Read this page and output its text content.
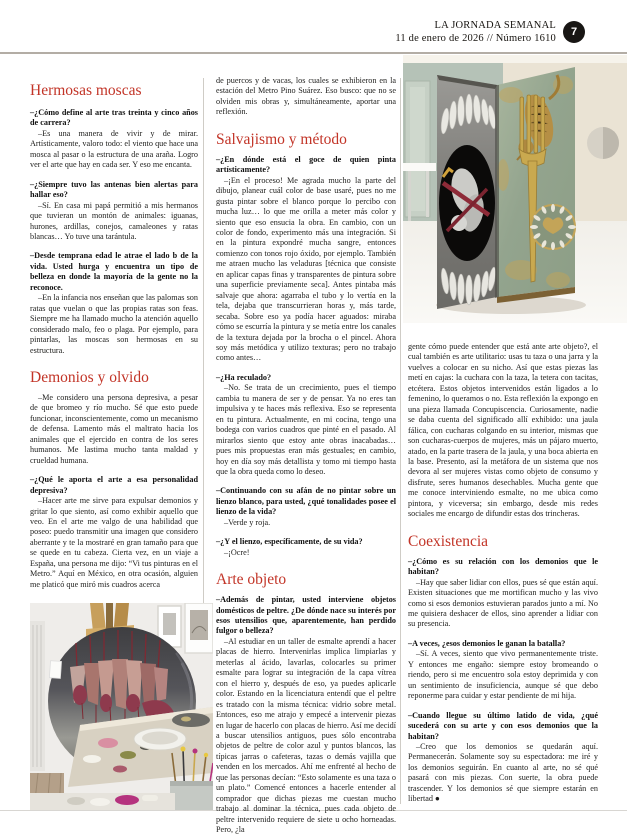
LA JORNADA SEMANAL
11 de enero de 2026 // Número 1610
7
Hermosas moscas

–¿Cómo define al arte tras treinta y cinco años de carrera?

–Es una manera de vivir y de mirar. Artísticamente, valoro todo: el viento que hace una mosca al pasar o la estructura de una araña. Logro ver el arte que hay en cada ser. Y eso me encanta.

–¿Siempre tuvo las antenas bien alertas para hallar eso?

–Sí. En casa mi papá permitió a mis hermanos que tuvieran un montón de animales: iguanas, hurones, ardillas, conejos, camaleones y ratas blancas… Yo tuve una tarántula.

–Desde temprana edad le atrae el lado b de la vida. Usted hurga y encuentra un tipo de belleza en donde la mayoría de la gente no la reconoce.

–En la infancia nos enseñan que las palomas son ratas que vuelan o que las propias ratas son feas. Siempre me ha llamado mucho la atención aquello considerado malo, feo o plaga. Por ejemplo, para pintarlas, las moscas son hermosas en su estructura.

Demonios y olvido

–Me considero una persona depresiva, a pesar de que bromeo y río mucho. Sé que esto puede funcionar, inconscientemente, como un mecanismo de defensa. Lamento más el maltrato hacia los animales que el ejercido en contra de los seres humanos. Me lastima mucho tanta maldad y crueldad humana.

–¿Qué le aporta el arte a esa personalidad depresiva?

–Hacer arte me sirve para expulsar demonios y gritar lo que siento, así como exhibir aquello que veo. En el arte me valgo de una habilidad que poseo: puedo transmitir una imagen que considero aberrante y te la mostraré en gran tamaño para que se quede en tu cabeza. Cierta vez, en un viaje a España, una persona me dijo: “Vi tus pinturas en el Metro.” Aquí en México, en otra ocasión, alguien me platicó que miró mis cuadros acerca

de puercos y de vacas, los cuales se exhibieron en la estación del Metro Pino Suárez. Eso busco: que no se olviden mis obras y, simultáneamente, aportar una reflexión.

Salvajismo y método

–¿En dónde está el goce de quien pinta artísticamente?

–¡En el proceso! Me agrada mucho la parte del dibujo, planear cuál color de base usaré, pues no me gusta pintar sobre el blanco porque lo percibo con mucha luz… lo que me orilla a meter más color y siento que eso ensucia la obra. En cambio, con un color de fondo, experimento más una integración. Si en la pintura expondré mucha sangre, entonces comienzo con tonos rojo óxido, por ejemplo. También me atraen mucho las veladuras [técnica que consiste en aplicar capas finas y transparentes de pintura sobre una superficie previamente seca]. Antes pintaba más salvaje que ahora: agarraba el tubo y lo vertía en la tela, dejaba que transcurrieran horas y, más tarde, secaba. Sobre eso ya podía hacer aguados: miraba cómo se escurría la pintura y se metía entre los canales de la textura dejada por la brocha o el pincel. Ahora soy más metódica y utilizo texturas; pero no trabajo como antes…

–¿Ha reculado?

–No. Se trata de un crecimiento, pues el tiempo cambia tu manera de ser y de pensar. Ya no eres tan impulsiva y te haces más reflexiva. Eso se representa en tu pintura. Actualmente, en mi cocina, tengo una bodega con varios cuadros que pinté en el pasado. Al mirarlos siento que estoy ante obras inacabadas… pues mis propuestas eran más gestuales; en cambio, hoy en día soy más detallista y tomo mi tiempo hasta que la obra queda como lo deseo.

–Continuando con su afán de no pintar sobre un lienzo blanco, para usted, ¿qué tonalidades posee el lienzo de la vida?

–Verde y roja.

–¿Y el lienzo, específicamente, de su vida?

–¡Ocre!

Arte objeto

–Además de pintar, usted interviene objetos domésticos de peltre. ¿De dónde nace su interés por esos utensilios que, aparentemente, han perdido fulgor o belleza?

–Al estudiar en un taller de esmalte aprendí a hacer placas de hierro. Intervenirlas implica limpiarlas y meterlas al ácido, lavarlas, colocarles su primer esmalte para lograr su integración de la capa vítrea con el hierro y, después de eso, ya puedes aplicarle color. Estando en la licenciatura entendí que el peltre es tratado con la misma técnica: vidrio sobre metal. Entonces, eso me atrajo y empecé a intervenir piezas en lugar de hacerlo con placas de hierro. Así me decidí a buscar utensilios antiguos, pues sólo encontraba objetos de peltre de color azul y puntos blancos, las típicas jarras o cafeteras, tazas o demás vajilla que venden en los mercados. Ahí me enfrenté al hecho de que las personas decían: “Esto solamente es una taza o un plato.” Comencé entonces a hacerle entender al comprador que dichas piezas me cuestan mucho trabajo al dominar la técnica, pues cada objeto de peltre intervenido requiere de siete u ocho horneadas. Pero, ¿la

gente cómo puede entender que está ante arte objeto?, el cual también es arte utilitario: usas tu taza o una jarra y la vuelves a colocar en su nicho. Así que estas piezas las metí en cajas: la cuchara con la taza, la tetera con tacitas, etcétera. Estos objetos intervenidos están ligados a lo femenino, lo queramos o no. Esta reflexión la expongo en una pieza llamada Concupiscencia. Curiosamente, nadie se daba cuenta del significado allí exhibido: una jaula fálica, con cucharas colgando en su interior, mismas que son cucharas-cuerpos de mujeres, más un pájaro muerto, atado, en la parte trasera de la jaula, y una boca abierta en la base. Presento, así la metáfora de un sistema que nos devora al ser mujeres vistas como objeto de consumo y disfrute, seres humanos desechables. Mucha gente que me conoce interviniendo esmalte, no me ubica como pintora, y viceversa; sin embargo, desde mis redes sociales me encargo de difundir estas dos trincheras.

Coexistencia

–¿Cómo es su relación con los demonios que le habitan?

–Hay que saber lidiar con ellos, pues sé que están aquí. Existen situaciones que me mortifican mucho y las vivo como si esos demonios estuvieran parados junto a mí. No me quisiera deshacer de ellos, sino aprender a lidiar con su presencia.

–A veces, ¿esos demonios le ganan la batalla?

–Sí. A veces, siento que vivo permanentemente triste. Y entonces me engaño: siempre estoy bromeando o riendo, pero si me encuentro sola estoy deprimida y con un sentimiento de insuficiencia, aunque sé que debo reponerme para cuidar y estar pendiente de mi hija.

–Cuando llegue su último latido de vida, ¿qué sucederá con su arte y con esos demonios que la habitan?

–Creo que los demonios se quedarán aquí. Permanecerán. Solamente soy su espectadora: me iré y los demonios seguirán. En cuanto al arte, no sé qué pasará con mis piezas. Con suerte, la obra puede trascender. Y los demonios sé que siempre estarán en libertad ●
